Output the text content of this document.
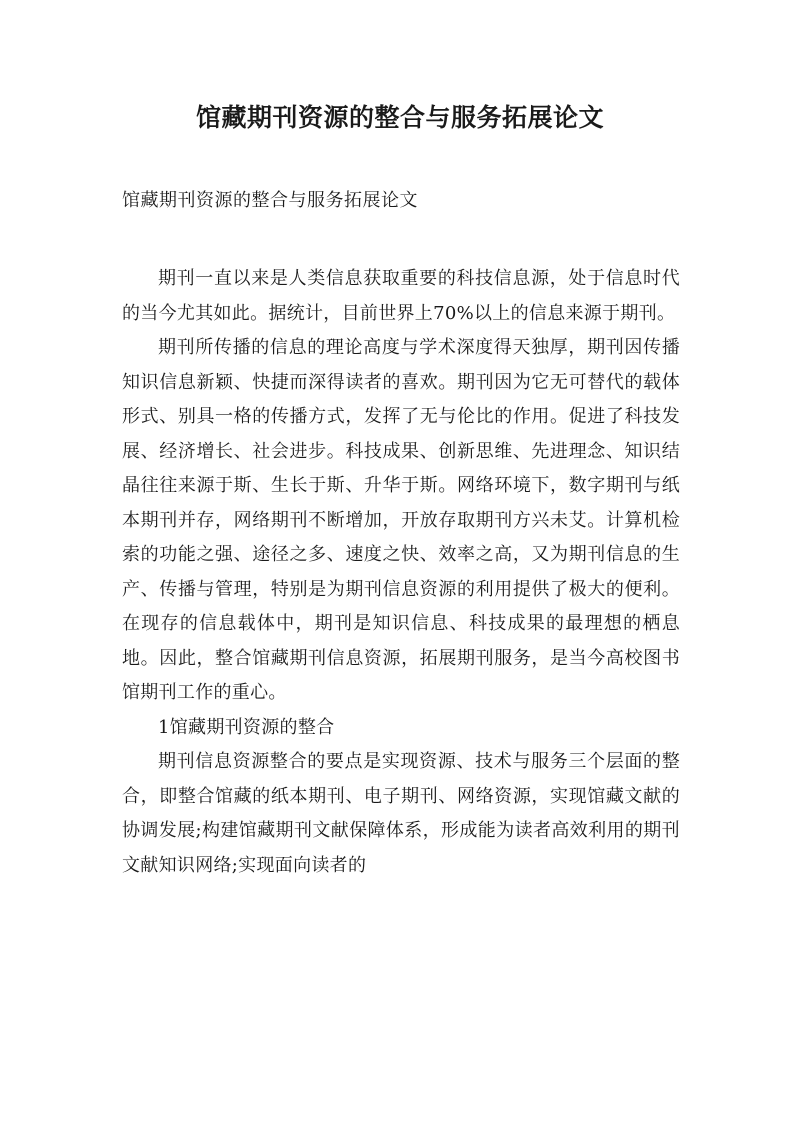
馆藏期刊资源的整合与服务拓展论文

馆藏期刊资源的整合与服务拓展论文

期刊一直以来是人类信息获取重要的科技信息源，处于信息时代的当今尤其如此。据统计，目前世界上70%以上的信息来源于期刊。

期刊所传播的信息的理论高度与学术深度得天独厚，期刊因传播知识信息新颖、快捷而深得读者的喜欢。期刊因为它无可替代的载体形式、别具一格的传播方式，发挥了无与伦比的作用。促进了科技发展、经济增长、社会进步。科技成果、创新思维、先进理念、知识结晶往往来源于斯、生长于斯、升华于斯。网络环境下，数字期刊与纸本期刊并存，网络期刊不断增加，开放存取期刊方兴未艾。计算机检索的功能之强、途径之多、速度之快、效率之高，又为期刊信息的生产、传播与管理，特别是为期刊信息资源的利用提供了极大的便利。在现存的信息载体中，期刊是知识信息、科技成果的最理想的栖息地。因此，整合馆藏期刊信息资源，拓展期刊服务，是当今高校图书馆期刊工作的重心。

1馆藏期刊资源的整合

期刊信息资源整合的要点是实现资源、技术与服务三个层面的整合，即整合馆藏的纸本期刊、电子期刊、网络资源，实现馆藏文献的协调发展;构建馆藏期刊文献保障体系，形成能为读者高效利用的期刊文献知识网络;实现面向读者的
